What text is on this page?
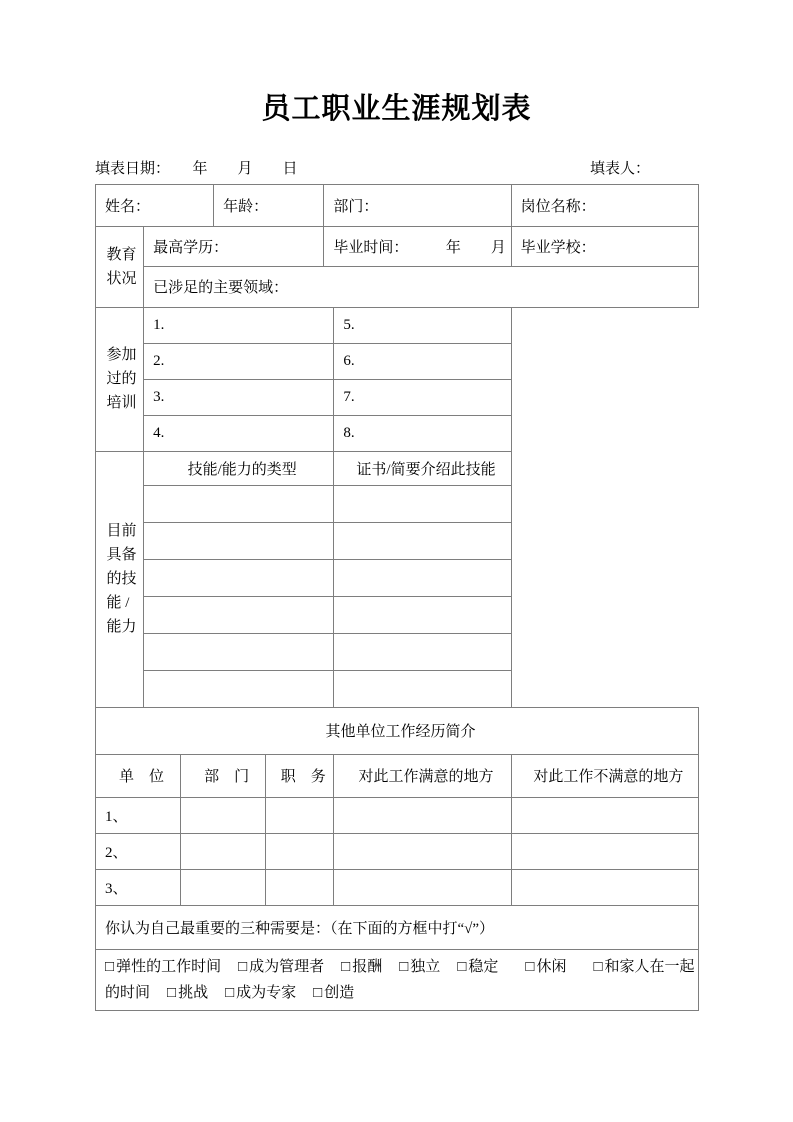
员工职业生涯规划表
填表日期：　　年　　月　　日	填表人：
姓名：			年龄：		部门：		岗位名称：
教育状况	最高学历：				毕业时间：　　　年　　月		毕业学校：
	已涉足的主要领域：						
参加过的培训	1.					5.	
	2.					6.	
	3.					7.	
	4.					8.	
目前具备的技能 / 能力	技能/能力的类型					证书/简要介绍此技能	

其他单位工作经历简介							
单　位		部　门		职　务		对此工作满意的地方	对此工作不满意的地方
1、							
2、							
3、							
你认为自己最重要的三种需要是：（在下面的方框中打“√”）							
□ 弹性的工作时间 □ 成为管理者 □ 报酬 □ 独立 □ 稳定 □ 休闲 □ 和家人在一起的时间 □ 挑战 □ 成为专家 □ 创造							
